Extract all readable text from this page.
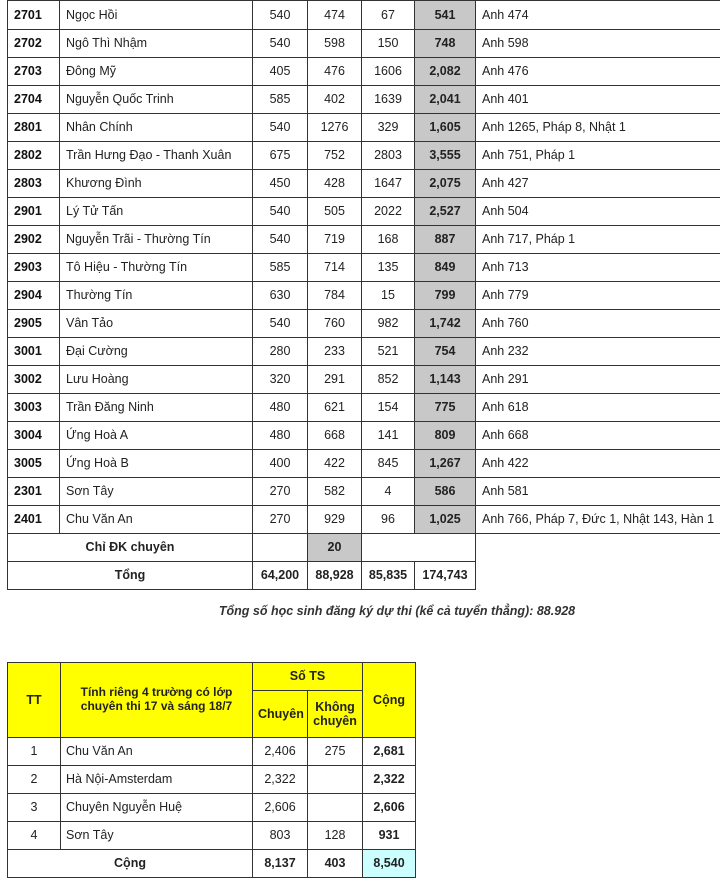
2701	Ngọc Hồi	540	474	67	541	Anh 474
2702	Ngô Thì Nhậm	540	598	150	748	Anh 598
2703	Đông Mỹ	405	476	1606	2,082	Anh 476
2704	Nguyễn Quốc Trinh	585	402	1639	2,041	Anh 401
2801	Nhân Chính	540	1276	329	1,605	Anh 1265, Pháp 8, Nhật 1
2802	Trần Hưng Đạo - Thanh Xuân	675	752	2803	3,555	Anh 751, Pháp 1
2803	Khương Đình	450	428	1647	2,075	Anh 427
2901	Lý Tử Tấn	540	505	2022	2,527	Anh 504
2902	Nguyễn Trãi - Thường Tín	540	719	168	887	Anh 717, Pháp 1
2903	Tô Hiệu - Thường Tín	585	714	135	849	Anh 713
2904	Thường Tín	630	784	15	799	Anh 779
2905	Vân Tảo	540	760	982	1,742	Anh 760
3001	Đại Cường	280	233	521	754	Anh 232
3002	Lưu Hoàng	320	291	852	1,143	Anh 291
3003	Trần Đăng Ninh	480	621	154	775	Anh 618
3004	Ứng Hoà A	480	668	141	809	Anh 668
3005	Ứng Hoà B	400	422	845	1,267	Anh 422
2301	Sơn Tây	270	582	4	586	Anh 581
2401	Chu Văn An	270	929	96	1,025	Anh 766, Pháp 7, Đức 1, Nhật 143, Hàn 1
Chỉ ĐK chuyên			20			
Tổng		64,200	88,928	85,835	174,743	
Tổng số học sinh đăng ký dự thi (kể cả tuyển thẳng): 88.928
TT	Tính riêng 4 trường có lớp chuyên thi 17 và sáng 18/7	Số TS		Cộng
		Chuyên	Không chuyên	
1	Chu Văn An	2,406	275	2,681
2	Hà Nội-Amsterdam	2,322		2,322
3	Chuyên Nguyễn Huệ	2,606		2,606
4	Sơn Tây	803	128	931
Cộng		8,137	403	8,540
